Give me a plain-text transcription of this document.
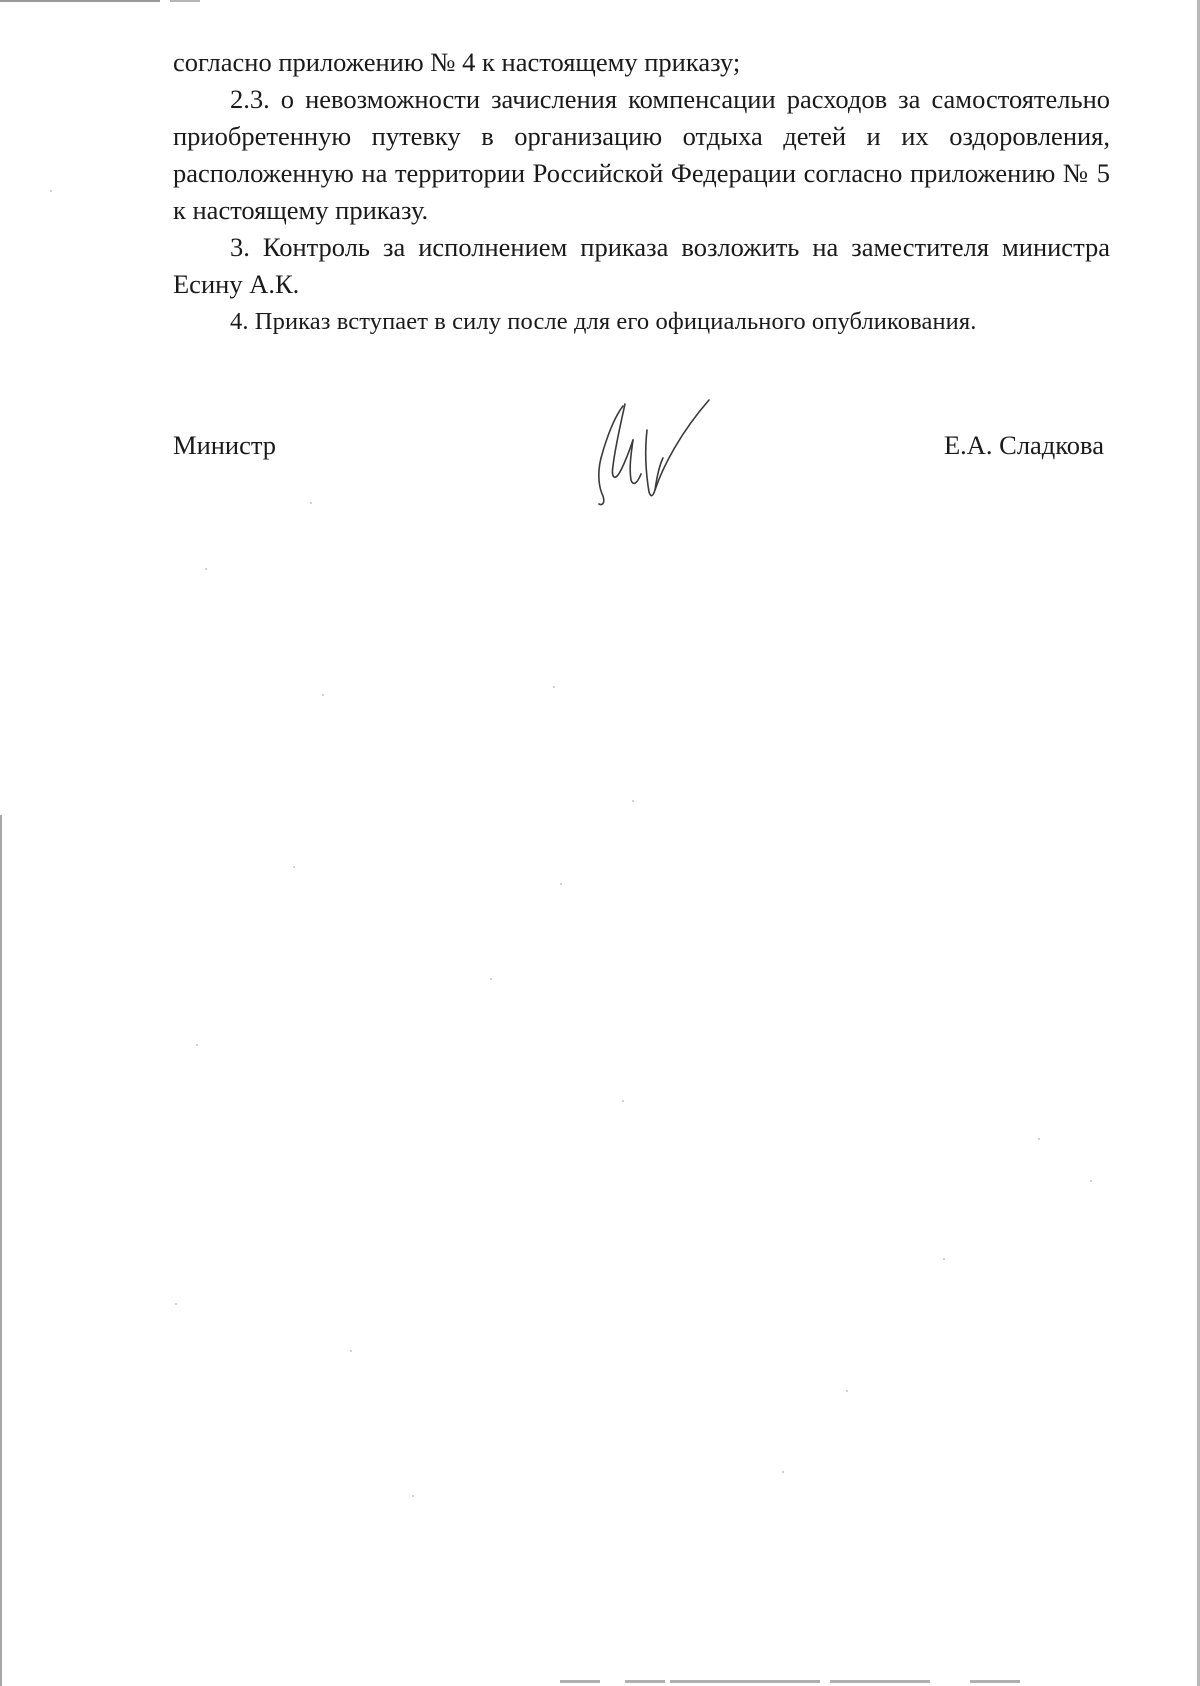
согласно приложению № 4 к настоящему приказу;

2.3. о невозможности зачисления компенсации расходов за самостоятельно приобретенную путевку в организацию отдыха детей и их оздоровления, расположенную на территории Российской Федерации согласно приложению № 5 к настоящему приказу.

3. Контроль за исполнением приказа возложить на заместителя министра Есину А.К.

4. Приказ вступает в силу после для его официального опубликования.

Министр	Е.А. Сладкова
